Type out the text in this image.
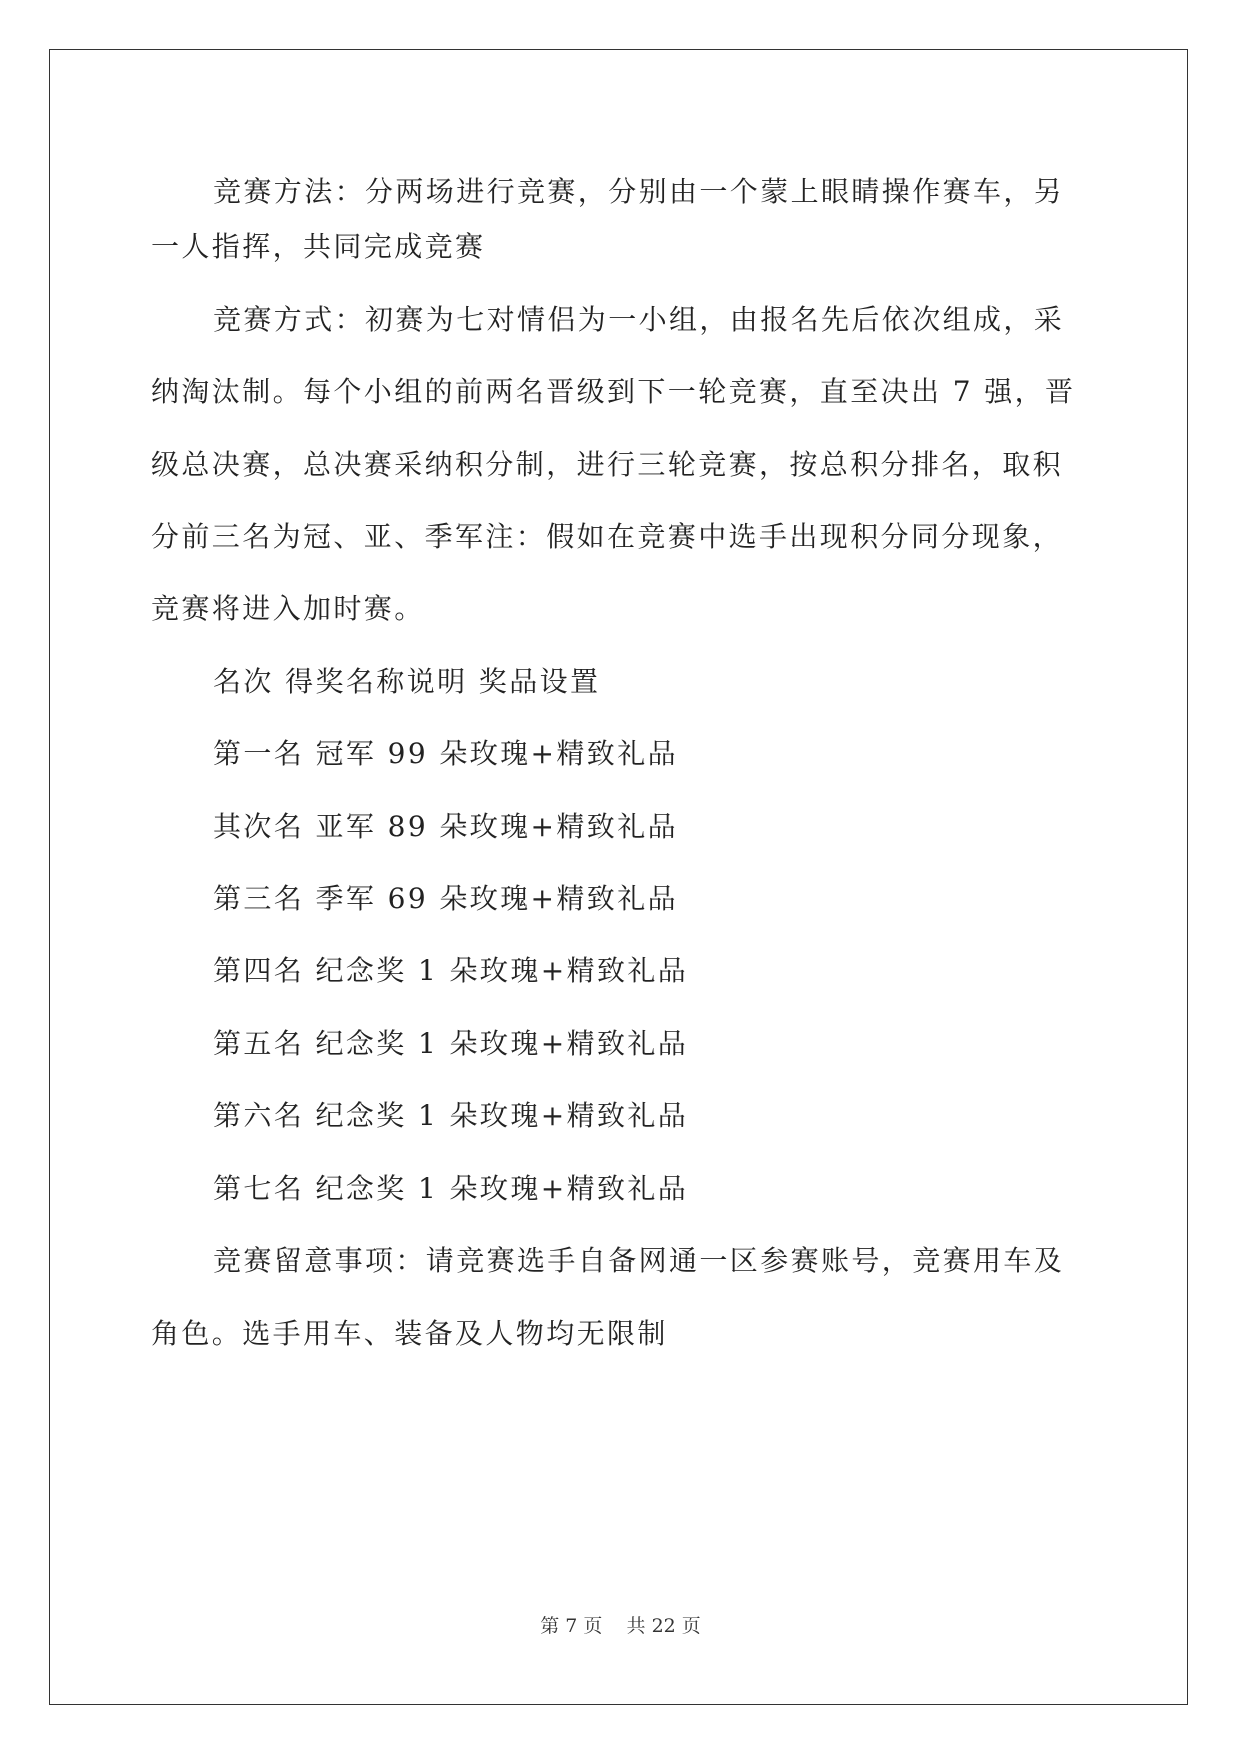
竞赛方法：分两场进行竞赛，分别由一个蒙上眼睛操作赛车，另
一人指挥，共同完成竞赛
竞赛方式：初赛为七对情侣为一小组，由报名先后依次组成，采
纳淘汰制。每个小组的前两名晋级到下一轮竞赛，直至决出 7 强，晋
级总决赛，总决赛采纳积分制，进行三轮竞赛，按总积分排名，取积
分前三名为冠、亚、季军注：假如在竞赛中选手出现积分同分现象，
竞赛将进入加时赛。
名次 得奖名称说明 奖品设置
第一名 冠军 99 朵玫瑰+精致礼品
其次名 亚军 89 朵玫瑰+精致礼品
第三名 季军 69 朵玫瑰+精致礼品
第四名 纪念奖 1 朵玫瑰+精致礼品
第五名 纪念奖 1 朵玫瑰+精致礼品
第六名 纪念奖 1 朵玫瑰+精致礼品
第七名 纪念奖 1 朵玫瑰+精致礼品
竞赛留意事项：请竞赛选手自备网通一区参赛账号，竞赛用车及
角色。选手用车、装备及人物均无限制
第 7 页 共 22 页
